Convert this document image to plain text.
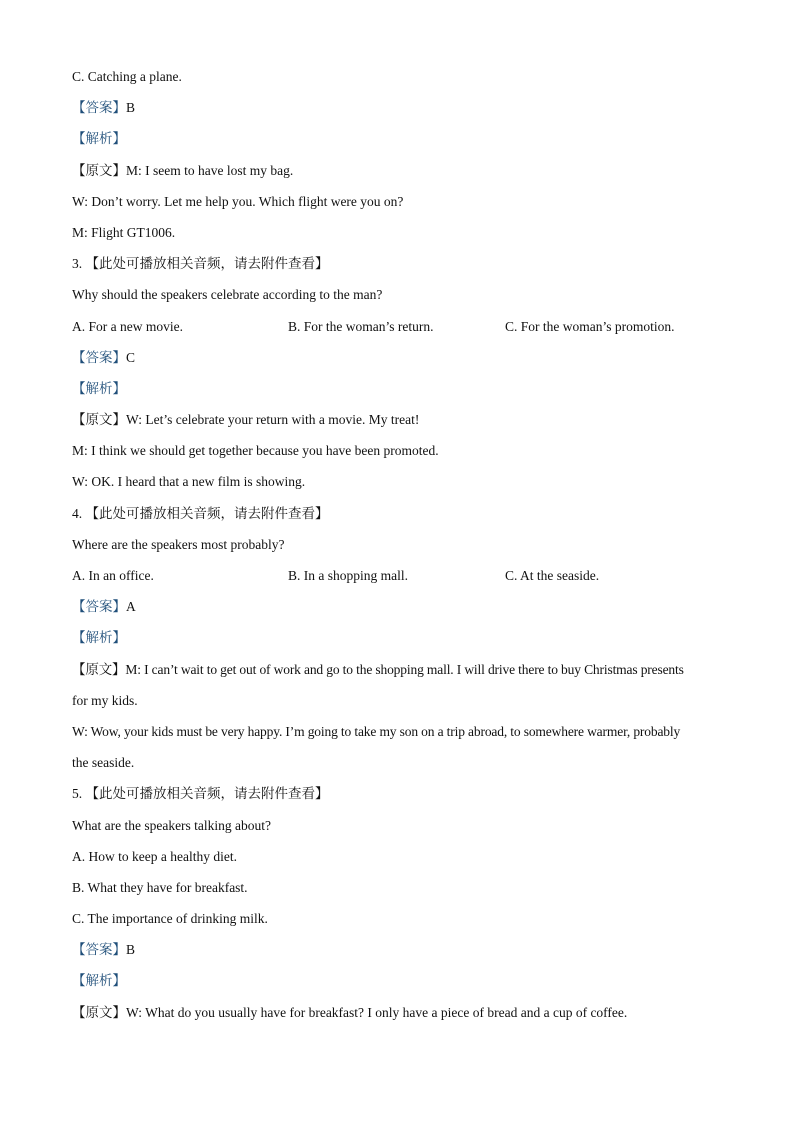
C. Catching a plane.
【答案】B
【解析】
【原文】M: I seem to have lost my bag.
W: Don’t worry. Let me help you. Which flight were you on?
M: Flight GT1006.
3. 【此处可播放相关音频，请去附件查看】
Why should the speakers celebrate according to the man?
A. For a new movie.	B. For the woman’s return.	C. For the woman’s promotion.
【答案】C
【解析】
【原文】W: Let’s celebrate your return with a movie. My treat!
M: I think we should get together because you have been promoted.
W: OK. I heard that a new film is showing.
4. 【此处可播放相关音频，请去附件查看】
Where are the speakers most probably?
A. In an office.	B. In a shopping mall.	C. At the seaside.
【答案】A
【解析】
【原文】M: I can’t wait to get out of work and go to the shopping mall. I will drive there to buy Christmas presents
for my kids.
W: Wow, your kids must be very happy. I’m going to take my son on a trip abroad, to somewhere warmer, probably
the seaside.
5. 【此处可播放相关音频，请去附件查看】
What are the speakers talking about?
A. How to keep a healthy diet.
B. What they have for breakfast.
C. The importance of drinking milk.
【答案】B
【解析】
【原文】W: What do you usually have for breakfast? I only have a piece of bread and a cup of coffee.
